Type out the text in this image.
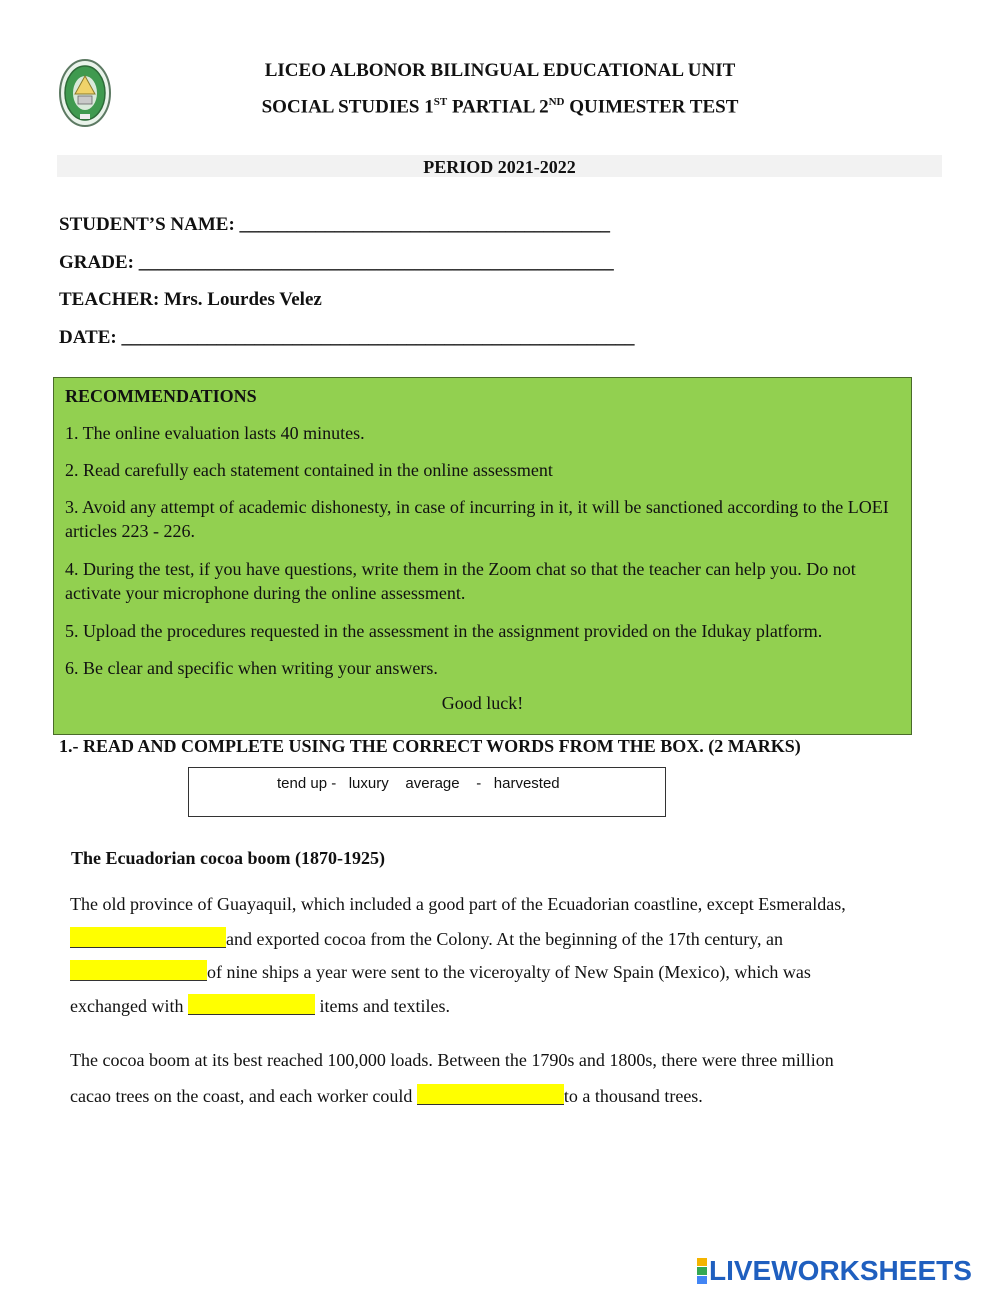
LICEO ALBONOR BILINGUAL EDUCATIONAL UNIT
SOCIAL STUDIES 1ST PARTIAL 2ND QUIMESTER TEST
PERIOD 2021-2022
STUDENT’S NAME: _______________________________________
GRADE: __________________________________________________
TEACHER: Mrs. Lourdes Velez
DATE: ______________________________________________________
RECOMMENDATIONS
1. The online evaluation lasts 40 minutes.
2. Read carefully each statement contained in the online assessment
3. Avoid any attempt of academic dishonesty, in case of incurring in it, it will be sanctioned according to the LOEI articles 223 - 226.
4. During the test, if you have questions, write them in the Zoom chat so that the teacher can help you. Do not activate your microphone during the online assessment.
5. Upload the procedures requested in the assessment in the assignment provided on the Idukay platform.
6. Be clear and specific when writing your answers.
Good luck!
1.- READ AND COMPLETE USING THE CORRECT WORDS FROM THE BOX. (2 MARKS)
tend up -   luxury    average    -   harvested
The Ecuadorian cocoa boom (1870-1925)
The old province of Guayaquil, which included a good part of the Ecuadorian coastline, except Esmeraldas,
and exported cocoa from the Colony. At the beginning of the 17th century, an
of nine ships a year were sent to the viceroyalty of New Spain (Mexico), which was
exchanged with	items and textiles.
The cocoa boom at its best reached 100,000 loads. Between the 1790s and 1800s, there were three million
cacao trees on the coast, and each worker could	to a thousand trees.
LIVEWORKSHEETS
